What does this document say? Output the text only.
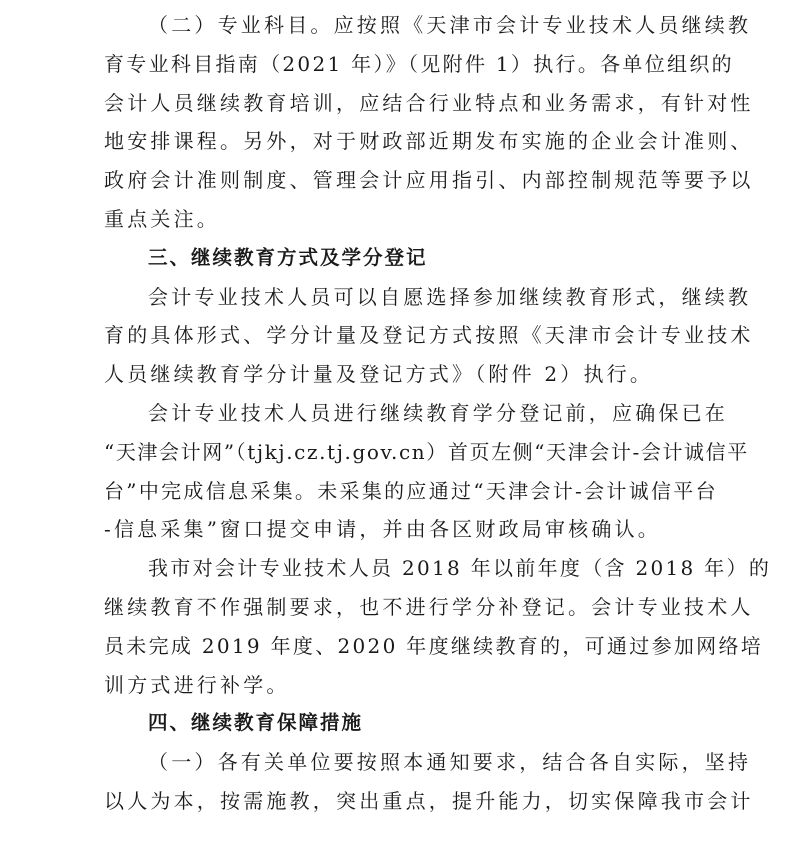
（二）专业科目。应按照《天津市会计专业技术人员继续教
育专业科目指南（2021 年）》（见附件 1）执行。各单位组织的
会计人员继续教育培训，应结合行业特点和业务需求，有针对性
地安排课程。另外，对于财政部近期发布实施的企业会计准则、
政府会计准则制度、管理会计应用指引、内部控制规范等要予以
重点关注。
三、继续教育方式及学分登记
会计专业技术人员可以自愿选择参加继续教育形式，继续教
育的具体形式、学分计量及登记方式按照《天津市会计专业技术
人员继续教育学分计量及登记方式》（附件 2）执行。
会计专业技术人员进行继续教育学分登记前，应确保已在
“天津会计网”（tjkj.cz.tj.gov.cn）首页左侧“天津会计-会计诚信平
台”中完成信息采集。未采集的应通过“天津会计-会计诚信平台
-信息采集”窗口提交申请，并由各区财政局审核确认。
我市对会计专业技术人员 2018 年以前年度（含 2018 年）的
继续教育不作强制要求，也不进行学分补登记。会计专业技术人
员未完成 2019 年度、2020 年度继续教育的，可通过参加网络培
训方式进行补学。
四、继续教育保障措施
（一）各有关单位要按照本通知要求，结合各自实际，坚持
以人为本，按需施教，突出重点，提升能力，切实保障我市会计
